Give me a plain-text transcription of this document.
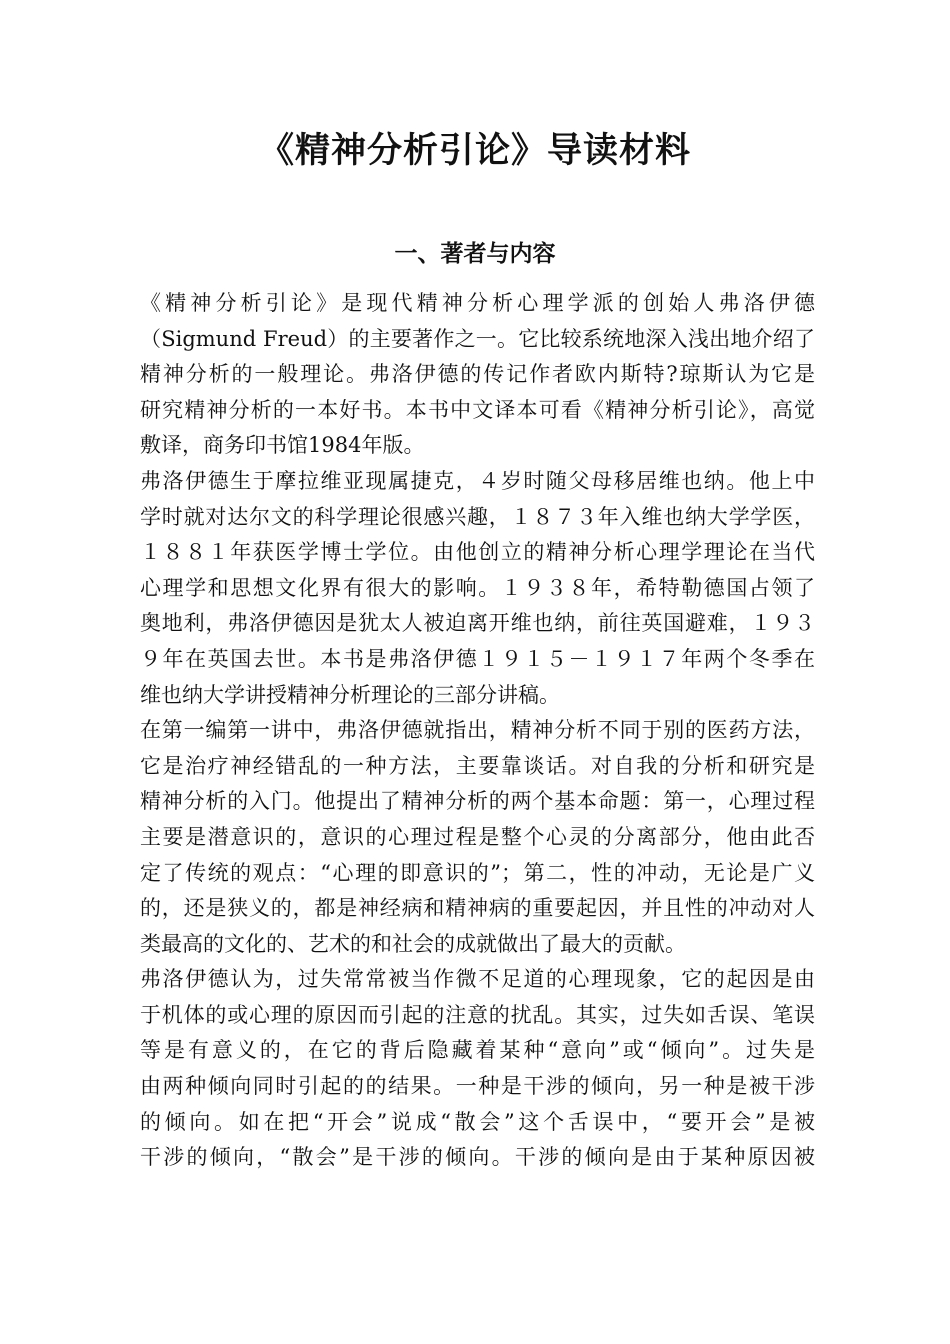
《精神分析引论》导读材料
一、著者与内容
《精神分析引论》是现代精神分析心理学派的创始人弗洛伊德
（Sigmund Freud）的主要著作之一。它比较系统地深入浅出地介绍了
精神分析的一般理论。弗洛伊德的传记作者欧内斯特?琼斯认为它是
研究精神分析的一本好书。本书中文译本可看《精神分析引论》，高觉
敷译，商务印书馆1984年版。
弗洛伊德生于摩拉维亚现属捷克，４岁时随父母移居维也纳。他上中
学时就对达尔文的科学理论很感兴趣，１８７３年入维也纳大学学医，
１８８１年获医学博士学位。由他创立的精神分析心理学理论在当代
心理学和思想文化界有很大的影响。１９３８年，希特勒德国占领了
奥地利，弗洛伊德因是犹太人被迫离开维也纳，前往英国避难，１９３
９年在英国去世。本书是弗洛伊德１９１５－１９１７年两个冬季在
维也纳大学讲授精神分析理论的三部分讲稿。
在第一编第一讲中，弗洛伊德就指出，精神分析不同于别的医药方法，
它是治疗神经错乱的一种方法，主要靠谈话。对自我的分析和研究是
精神分析的入门。他提出了精神分析的两个基本命题：第一，心理过程
主要是潜意识的，意识的心理过程是整个心灵的分离部分，他由此否
定了传统的观点：“心理的即意识的”；第二，性的冲动，无论是广义
的，还是狭义的，都是神经病和精神病的重要起因，并且性的冲动对人
类最高的文化的、艺术的和社会的成就做出了最大的贡献。
弗洛伊德认为，过失常常被当作微不足道的心理现象，它的起因是由
于机体的或心理的原因而引起的注意的扰乱。其实，过失如舌误、笔误
等是有意义的，在它的背后隐藏着某种“意向”或“倾向”。过失是
由两种倾向同时引起的的结果。一种是干涉的倾向，另一种是被干涉
的倾向。如在把“开会”说成“散会”这个舌误中，“要开会”是被
干涉的倾向，“散会”是干涉的倾向。干涉的倾向是由于某种原因被
